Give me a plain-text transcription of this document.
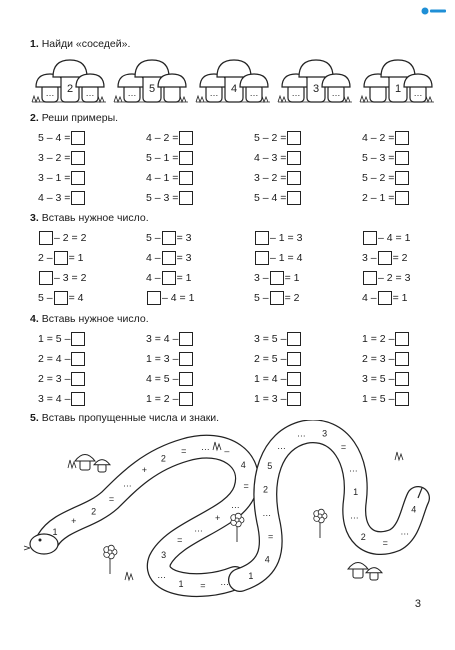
1. Найди «соседей».
… 2 …	… 5	… 4 …	… 3 …	1 …
2. Реши примеры.
5 – 4 =	4 – 2 =	5 – 2 =	4 – 2 =
3 – 2 =	5 – 1 =	4 – 3 =	5 – 3 =
3 – 1 =	4 – 1 =	3 – 2 =	5 – 2 =
4 – 3 =	5 – 3 =	5 – 4 =	2 – 1 =
3. Вставь нужное число.
– 2 = 2	5 – = 3	– 1 = 3	– 4 = 1
2 – = 1	4 – = 3	– 1 = 4	3 – = 2
– 3 = 2	4 – = 1	3 – = 1	– 2 = 3
5 – = 4	– 4 = 1	5 – = 2	4 – = 1
4. Вставь нужное число.
1 = 5 –	3 = 4 –	3 = 5 –	1 = 2 –
2 = 4 –	1 = 3 –	2 = 5 –	2 = 3 –
2 = 3 –	4 = 5 –	1 = 4 –	3 = 5 –
3 = 4 –	1 = 2 –	1 = 3 –	1 = 5 –
5. Вставь пропущенные числа и знаки.
1
+
2
=
…
+
2
= … –
4
=
…
+
…
=
3
…
1 = …
1
4
=
…
2
5
…
… 3
=
…
1
…
2
=
…
4
3
